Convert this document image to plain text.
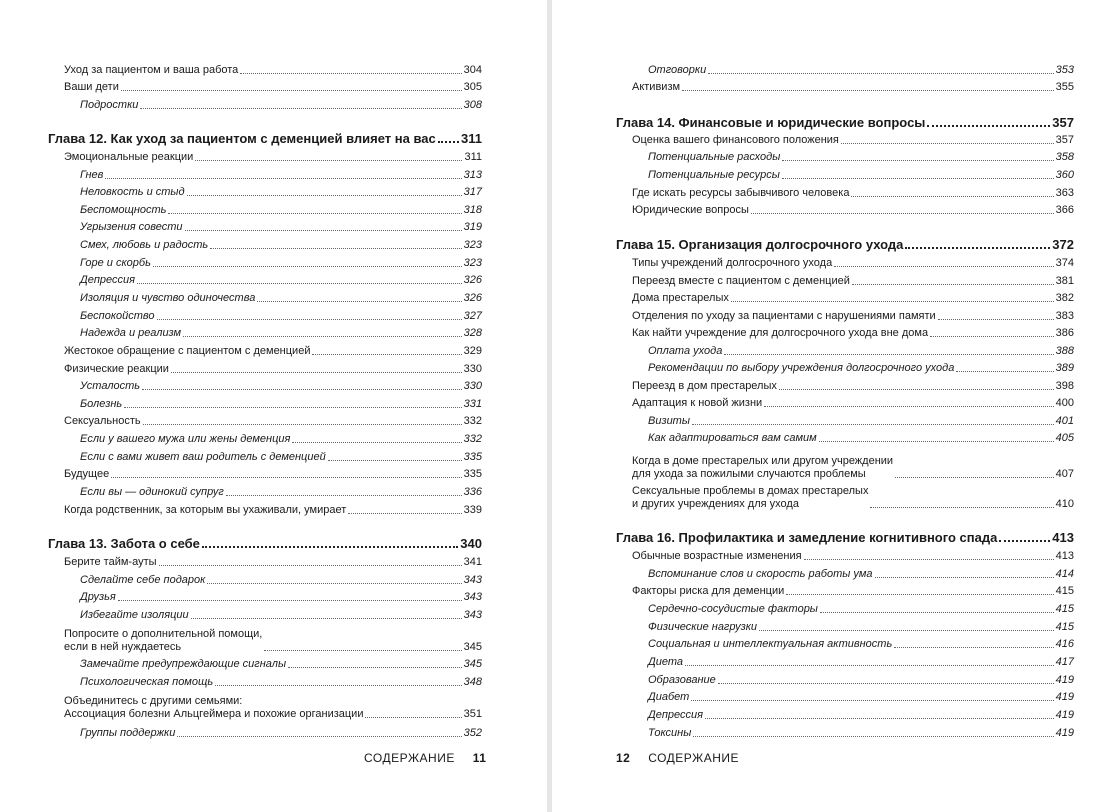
Уход за пациентом и ваша работа	304
Ваши дети	305
Подростки	308
Глава 12. Как уход за пациентом с деменцией влияет на вас 311
Эмоциональные реакции	311
Гнев	313
Неловкость и стыд	317
Беспомощность	318
Угрызения совести	319
Смех, любовь и радость	323
Горе и скорбь	323
Депрессия	326
Изоляция и чувство одиночества	326
Беспокойство	327
Надежда и реализм	328
Жестокое обращение с пациентом с деменцией	329
Физические реакции	330
Усталость	330
Болезнь	331
Сексуальность	332
Если у вашего мужа или жены деменция	332
Если с вами живет ваш родитель с деменцией	335
Будущее	335
Если вы — одинокий супруг	336
Когда родственник, за которым вы ухаживали, умирает	339
Глава 13. Забота о себе	340
Берите тайм-ауты	341
Сделайте себе подарок	343
Друзья	343
Избегайте изоляции	343
Попросите о дополнительной помощи,
если в ней нуждаетесь	345
Замечайте предупреждающие сигналы	345
Психологическая помощь	348
Объединитесь с другими семьями:
Ассоциация болезни Альцгеймера и похожие организации	351
Группы поддержки	352
СОДЕРЖАНИЕ 11
Отговорки	353
Активизм	355
Глава 14. Финансовые и юридические вопросы	357
Оценка вашего финансового положения	357
Потенциальные расходы	358
Потенциальные ресурсы	360
Где искать ресурсы забывчивого человека	363
Юридические вопросы	366
Глава 15. Организация долгосрочного ухода	372
Типы учреждений долгосрочного ухода	374
Переезд вместе с пациентом с деменцией	381
Дома престарелых	382
Отделения по уходу за пациентами с нарушениями памяти	383
Как найти учреждение для долгосрочного ухода вне дома	386
Оплата ухода	388
Рекомендации по выбору учреждения долгосрочного ухода	389
Переезд в дом престарелых	398
Адаптация к новой жизни	400
Визиты	401
Как адаптироваться вам самим	405
Когда в доме престарелых или другом учреждении
для ухода за пожилыми случаются проблемы	407
Сексуальные проблемы в домах престарелых
и других учреждениях для ухода	410
Глава 16. Профилактика и замедление когнитивного спада	413
Обычные возрастные изменения	413
Вспоминание слов и скорость работы ума	414
Факторы риска для деменции	415
Сердечно-сосудистые факторы	415
Физические нагрузки	415
Социальная и интеллектуальная активность	416
Диета	417
Образование	419
Диабет	419
Депрессия	419
Токсины	419
12 СОДЕРЖАНИЕ
